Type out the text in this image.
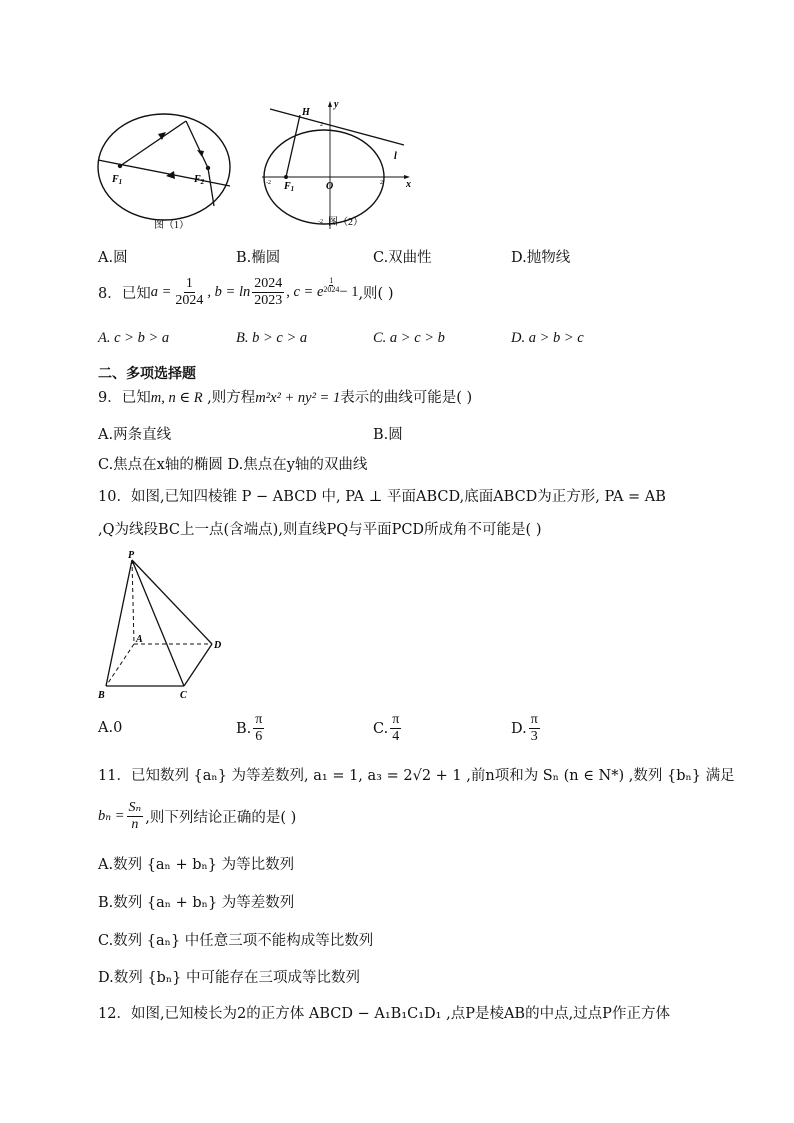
$F_1$	$F_2$
图（1）
H
y
x
O
l
$F_1$
-2	2
2
-2 图（2）
A.圆	B.椭圆	C.双曲性	D.抛物线
8．已知 $a = \frac{1}{2024}$ , $b = \ln \frac{2024}{2023}$ , c = e
1
2024 − 1 ,则( )
A. c > b > a	B. b > c > a	C. a > c > b	D. a > b > c
二、多项选择题
9．已知m, n ∈ R ,则方程m²x² + ny² = 1表示的曲线可能是( )
A.两条直线	B.圆
C.焦点在x轴的椭圆 D.焦点在y轴的双曲线
10．如图,已知四棱锥 P − ABCD 中, PA ⊥ 平面ABCD,底面ABCD为正方形, PA = AB
,Q为线段BC上一点(含端点),则直线PQ与平面PCD所成角不可能是( )
P
A
B	C
D
A.0	B. $\frac{\pi}{6}$	C. $\frac{\pi}{4}$	D. $\frac{\pi}{3}$
11．已知数列 {aₙ} 为等差数列, a₁ = 1, a₃ = 2√2 + 1 ,前n项和为 Sₙ (n ∈ N*) ,数列 {bₙ} 满足
$b_n = \frac{\text{Sₙ}}{n}$ ,则下列结论正确的是( )
A.数列 {aₙ + bₙ} 为等比数列
B.数列 {aₙ + bₙ} 为等差数列
C.数列 {aₙ} 中任意三项不能构成等比数列
D.数列 {bₙ} 中可能存在三项成等比数列
12．如图,已知棱长为2的正方体 ABCD − A₁B₁C₁D₁ ,点P是棱AB的中点,过点P作正方体
